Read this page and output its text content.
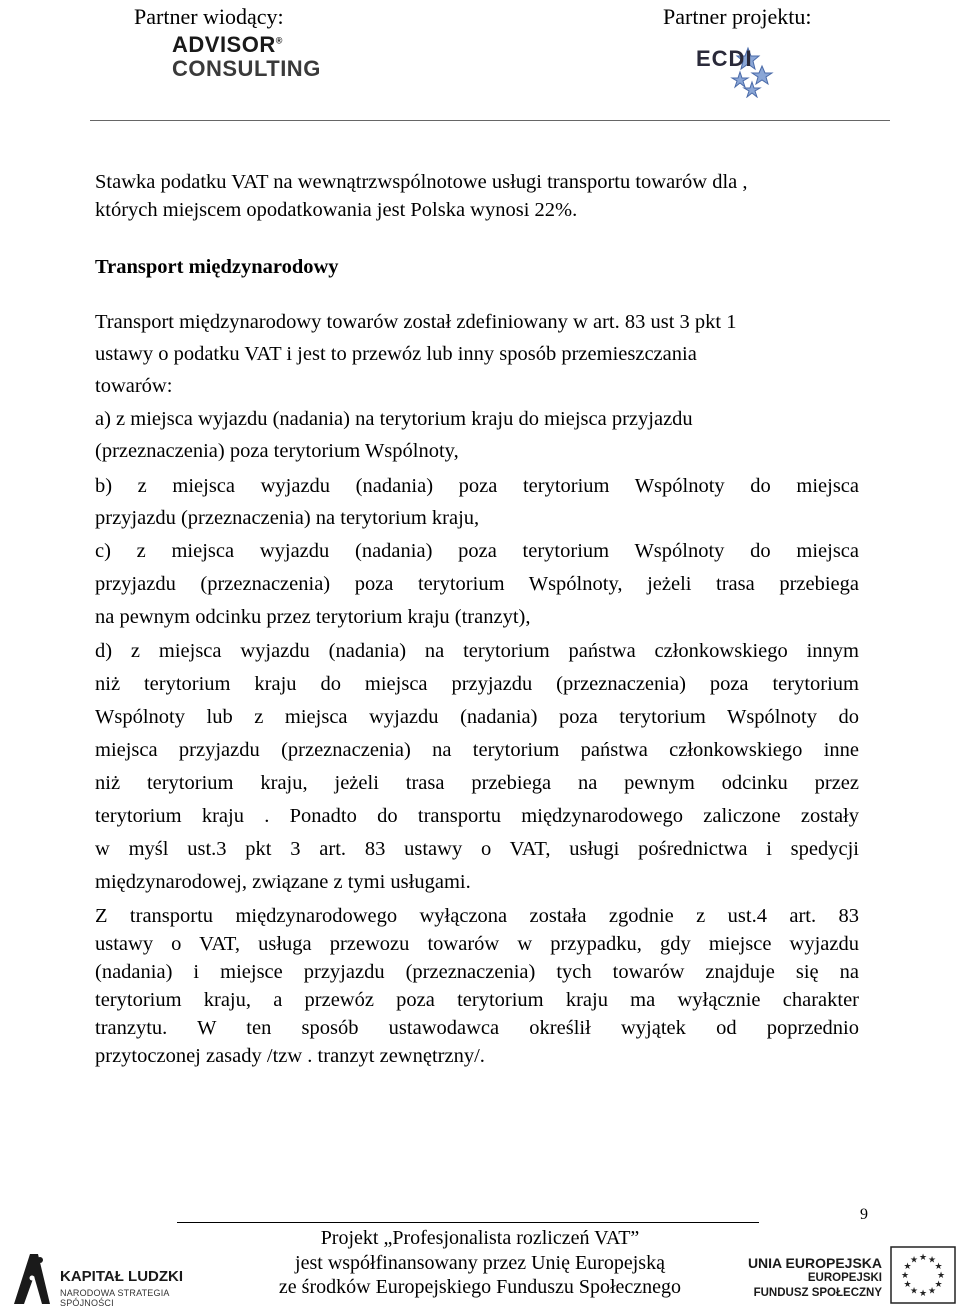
Partner wiodący:	Partner projektu:
ADVISOR®
CONSULTING	ECDI
Stawka podatku VAT na wewnątrzwspólnotowe usługi transportu towarów dla ,
których miejscem opodatkowania jest Polska wynosi 22%.
Transport międzynarodowy
Transport międzynarodowy towarów został zdefiniowany w art. 83 ust 3 pkt 1
ustawy o podatku VAT i jest to przewóz lub inny sposób przemieszczania
towarów:
a) z miejsca wyjazdu (nadania) na terytorium kraju do miejsca przyjazdu
(przeznaczenia) poza terytorium Wspólnoty,
b) z miejsca wyjazdu (nadania) poza terytorium Wspólnoty do miejsca
przyjazdu (przeznaczenia) na terytorium kraju,
c) z miejsca wyjazdu (nadania) poza terytorium Wspólnoty do miejsca
przyjazdu (przeznaczenia) poza terytorium Wspólnoty, jeżeli trasa przebiega
na pewnym odcinku przez terytorium kraju (tranzyt),
d) z miejsca wyjazdu (nadania) na terytorium państwa członkowskiego innym
niż terytorium kraju do miejsca przyjazdu (przeznaczenia) poza terytorium
Wspólnoty lub z miejsca wyjazdu (nadania) poza terytorium Wspólnoty do
miejsca przyjazdu (przeznaczenia) na terytorium państwa członkowskiego inne
niż terytorium kraju, jeżeli trasa przebiega na pewnym odcinku przez
terytorium kraju . Ponadto do transportu międzynarodowego zaliczone zostały
w myśl ust.3 pkt 3 art. 83 ustawy o VAT, usługi pośrednictwa i spedycji
międzynarodowej, związane z tymi usługami.
Z transportu międzynarodowego wyłączona została zgodnie z ust.4 art. 83
ustawy o VAT, usługa przewozu towarów w przypadku, gdy miejsce wyjazdu
(nadania) i miejsce przyjazdu (przeznaczenia) tych towarów znajduje się na
terytorium kraju, a przewóz poza terytorium kraju ma wyłącznie charakter
tranzytu. W ten sposób ustawodawca określił wyjątek od poprzednio
przytoczonej zasady /tzw . tranzyt zewnętrzny/.
9
Projekt „Profesjonalista rozliczeń VAT”
jest współfinansowany przez Unię Europejską
ze środków Europejskiego Funduszu Społecznego
KAPITAŁ LUDZKI
NARODOWA STRATEGIA SPÓJNOŚCI
UNIA EUROPEJSKA
EUROPEJSKI
FUNDUSZ SPOŁECZNY
★ ★
★
★
★
★
★
★
★
★
★
★
